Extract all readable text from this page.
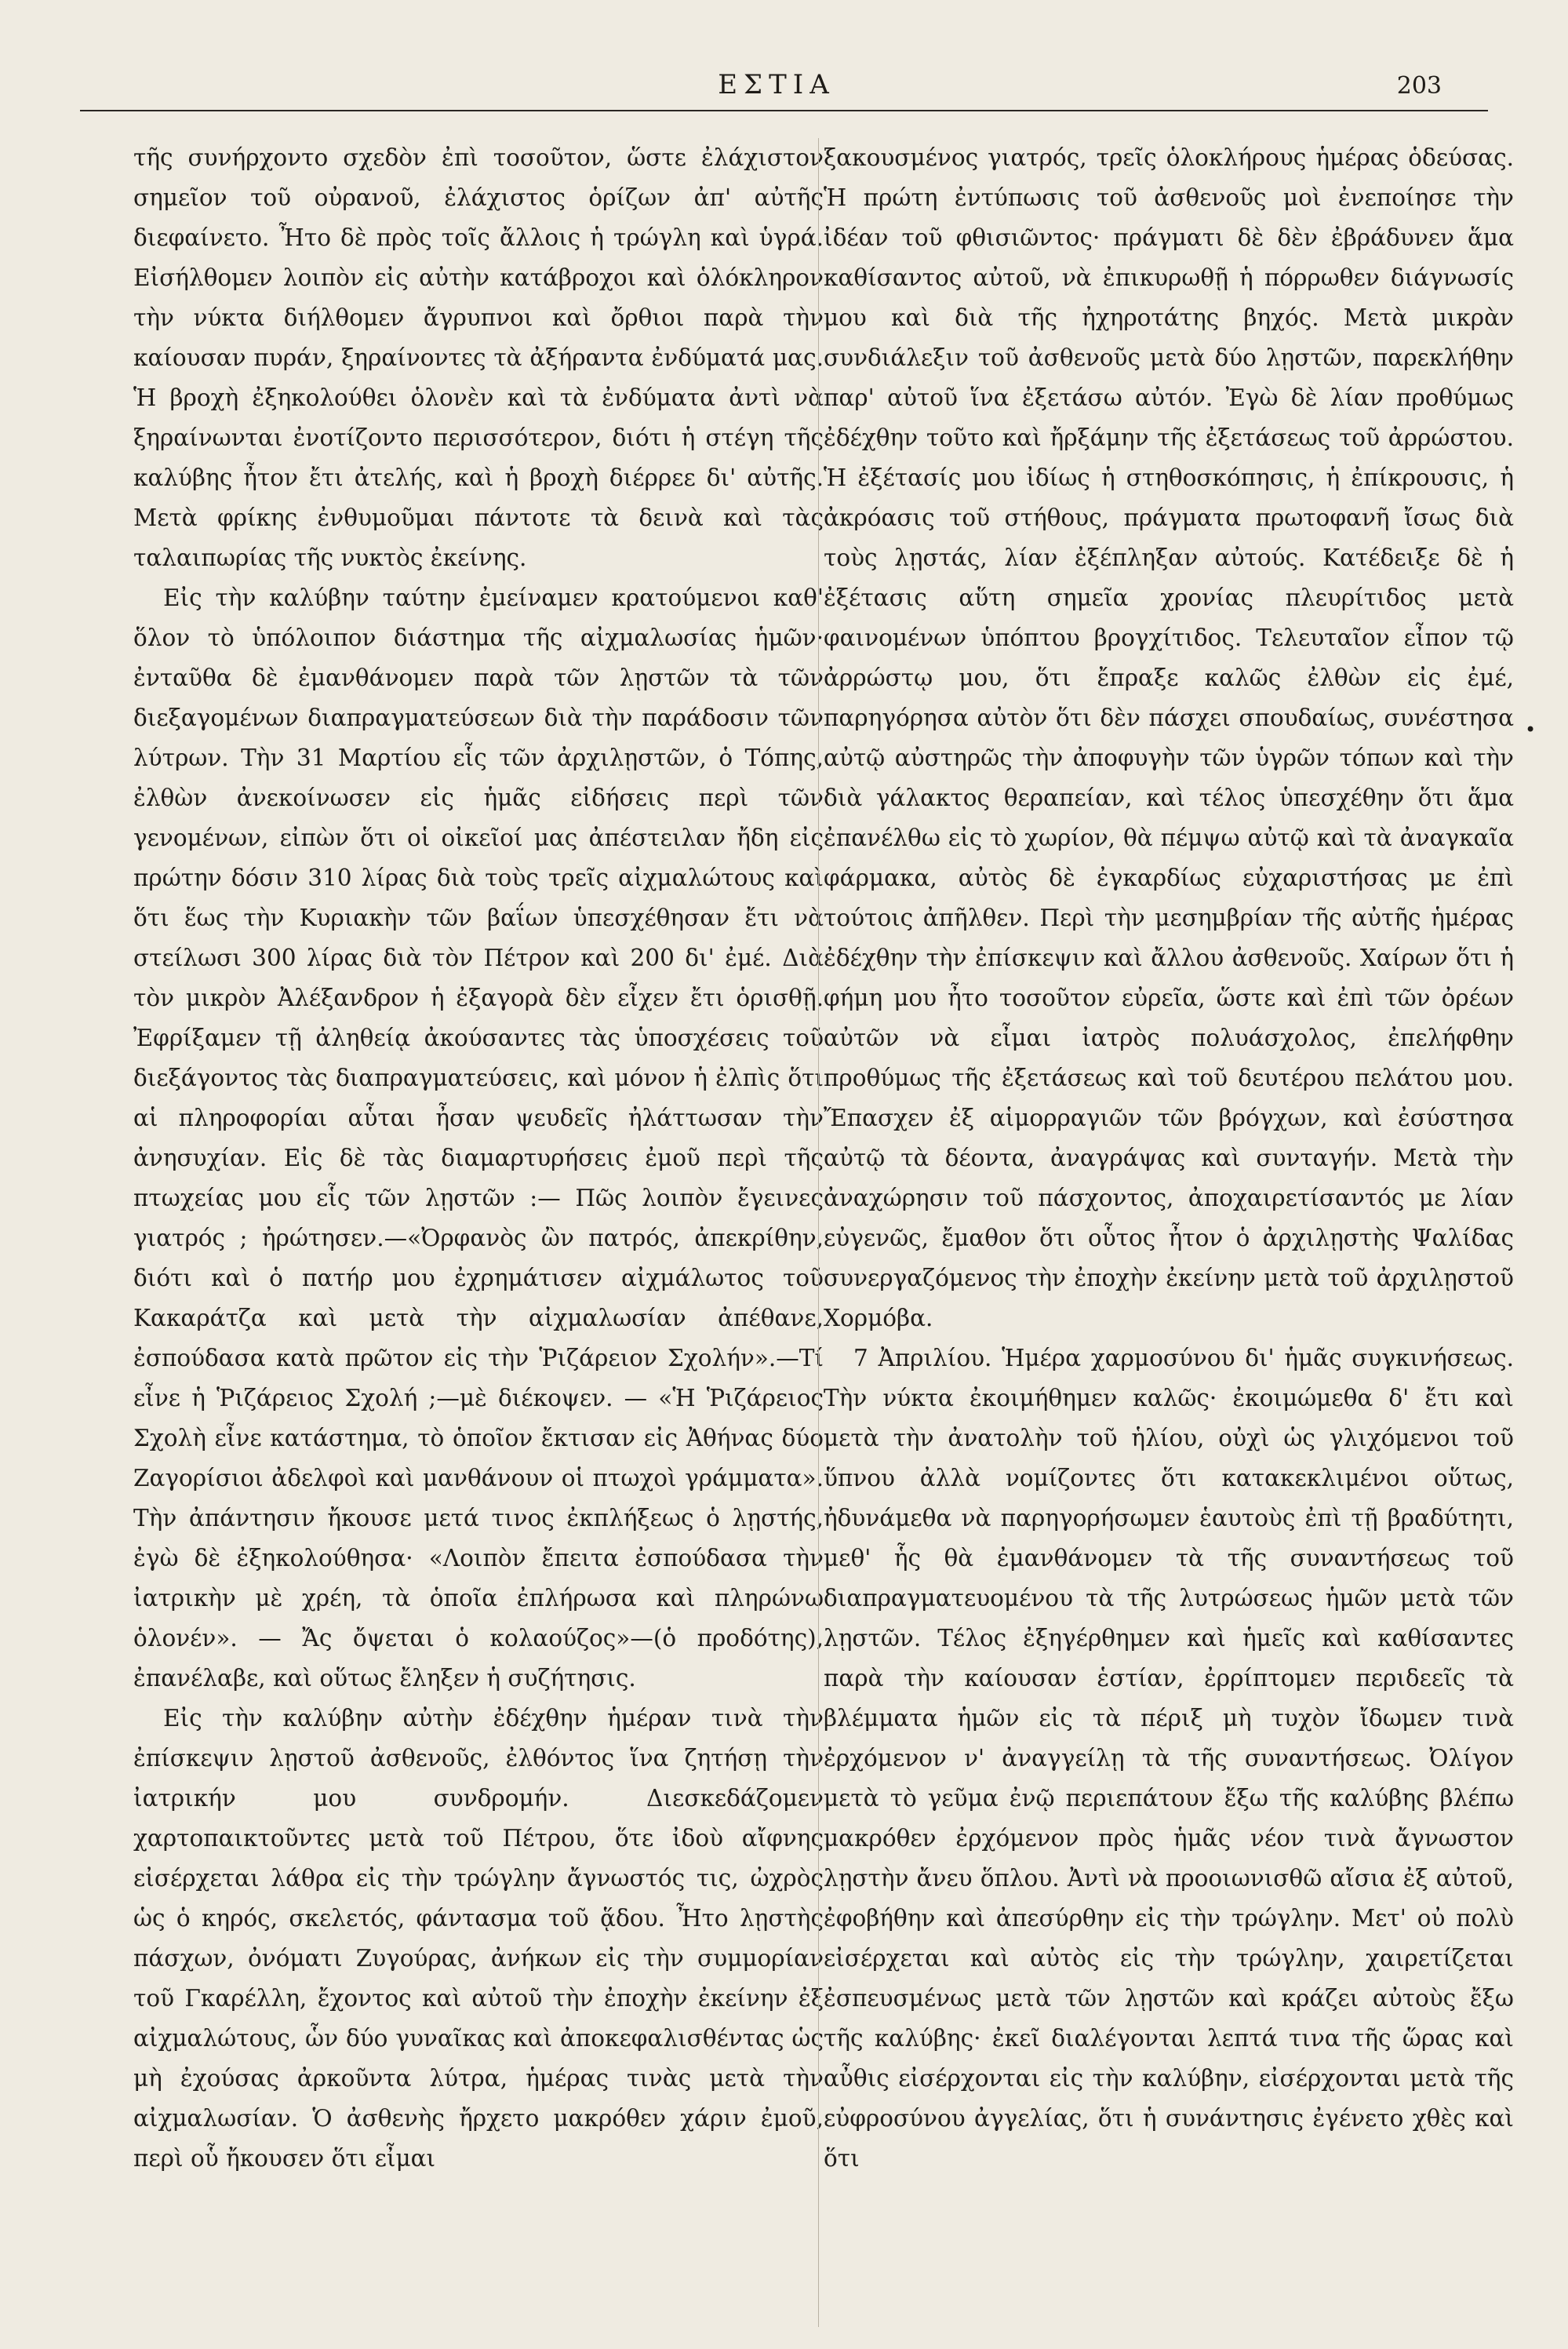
ΕΣΤΙΑ	203

τῆς συνήρχοντο σχεδὸν ἐπὶ τοσοῦτον, ὥστε ἐλάχιστον σημεῖον τοῦ οὐρανοῦ, ἐλάχιστος ὁρίζων ἀπ' αὐτῆς διεφαίνετο. Ἦτο δὲ πρὸς τοῖς ἄλλοις ἡ τρώγλη καὶ ὑγρά. Εἰσήλθομεν λοιπὸν εἰς αὐτὴν κατάβροχοι καὶ ὁλόκληρον τὴν νύκτα διήλθομεν ἄγρυπνοι καὶ ὄρθιοι παρὰ τὴν καίουσαν πυράν, ξηραίνοντες τὰ ἀξήραντα ἐνδύματά μας. Ἡ βροχὴ ἐξηκολούθει ὁλονὲν καὶ τὰ ἐνδύματα ἀντὶ νὰ ξηραίνωνται ἐνοτίζοντο περισσότερον, διότι ἡ στέγη τῆς καλύβης ἦτον ἔτι ἀτελής, καὶ ἡ βροχὴ διέρρεε δι' αὐτῆς. Μετὰ φρίκης ἐνθυμοῦμαι πάντοτε τὰ δεινὰ καὶ τὰς ταλαιπωρίας τῆς νυκτὸς ἐκείνης.

Εἰς τὴν καλύβην ταύτην ἐμείναμεν κρατούμενοι καθ' ὅλον τὸ ὑπόλοιπον διάστημα τῆς αἰχμαλωσίας ἡμῶν· ἐνταῦθα δὲ ἐμανθάνομεν παρὰ τῶν λῃστῶν τὰ τῶν διεξαγομένων διαπραγματεύσεων διὰ τὴν παράδοσιν τῶν λύτρων. Τὴν 31 Μαρτίου εἷς τῶν ἀρχιλῃστῶν, ὁ Τόπης, ἐλθὼν ἀνεκοίνωσεν εἰς ἡμᾶς εἰδήσεις περὶ τῶν γενομένων, εἰπὼν ὅτι οἱ οἰκεῖοί μας ἀπέστειλαν ἤδη εἰς πρώτην δόσιν 310 λίρας διὰ τοὺς τρεῖς αἰχμαλώτους καὶ ὅτι ἕως τὴν Κυριακὴν τῶν βαΐων ὑπεσχέθησαν ἔτι νὰ στείλωσι 300 λίρας διὰ τὸν Πέτρον καὶ 200 δι' ἐμέ. Διὰ τὸν μικρὸν Ἀλέξανδρον ἡ ἐξαγορὰ δὲν εἶχεν ἔτι ὁρισθῇ. Ἐφρίξαμεν τῇ ἀληθείᾳ ἀκούσαντες τὰς ὑποσχέσεις τοῦ διεξάγοντος τὰς διαπραγματεύσεις, καὶ μόνον ἡ ἐλπὶς ὅτι αἱ πληροφορίαι αὗται ἦσαν ψευδεῖς ἠλάττωσαν τὴν ἀνησυχίαν. Εἰς δὲ τὰς διαμαρτυρήσεις ἐμοῦ περὶ τῆς πτωχείας μου εἷς τῶν λῃστῶν :— Πῶς λοιπὸν ἔγεινες γιατρός ; ἠρώτησεν.—«Ὀρφανὸς ὢν πατρός, ἀπεκρίθην, διότι καὶ ὁ πατήρ μου ἐχρημάτισεν αἰχμάλωτος τοῦ Κακαράτζα καὶ μετὰ τὴν αἰχμαλωσίαν ἀπέθανε, ἐσπούδασα κατὰ πρῶτον εἰς τὴν Ῥιζάρειον Σχολήν».—Τί εἶνε ἡ Ῥιζάρειος Σχολή ;—μὲ διέκοψεν. — «Ἡ Ῥιζάρειος Σχολὴ εἶνε κατάστημα, τὸ ὁποῖον ἔκτισαν εἰς Ἀθήνας δύο Ζαγορίσιοι ἀδελφοὶ καὶ μανθάνουν οἱ πτωχοὶ γράμματα». Τὴν ἀπάντησιν ἤκουσε μετά τινος ἐκπλήξεως ὁ λῃστής, ἐγὼ δὲ ἐξηκολούθησα· «Λοιπὸν ἔπειτα ἐσπούδασα τὴν ἰατρικὴν μὲ χρέη, τὰ ὁποῖα ἐπλήρωσα καὶ πληρώνω ὁλονέν». — Ἄς ὄψεται ὁ κολαούζος»—(ὁ προδότης), ἐπανέλαβε, καὶ οὕτως ἔληξεν ἡ συζήτησις.

Εἰς τὴν καλύβην αὐτὴν ἐδέχθην ἡμέραν τινὰ τὴν ἐπίσκεψιν λῃστοῦ ἀσθενοῦς, ἐλθόντος ἵνα ζητήσῃ τὴν ἰατρικήν μου συνδρομήν. Διεσκεδάζομεν χαρτοπαικτοῦντες μετὰ τοῦ Πέτρου, ὅτε ἰδοὺ αἴφνης εἰσέρχεται λάθρα εἰς τὴν τρώγλην ἄγνωστός τις, ὠχρὸς ὡς ὁ κηρός, σκελετός, φάντασμα τοῦ ᾅδου. Ἦτο λῃστὴς πάσχων, ὀνόματι Ζυγούρας, ἀνήκων εἰς τὴν συμμορίαν τοῦ Γκαρέλλη, ἔχοντος καὶ αὐτοῦ τὴν ἐποχὴν ἐκείνην ἐξ αἰχμαλώτους, ὧν δύο γυναῖκας καὶ ἀποκεφαλισθέντας ὡς μὴ ἐχούσας ἀρκοῦντα λύτρα, ἡμέρας τινὰς μετὰ τὴν αἰχμαλωσίαν. Ὁ ἀσθενὴς ἤρχετο μακρόθεν χάριν ἐμοῦ, περὶ οὗ ἤκουσεν ὅτι εἶμαι

ξακουσμένος γιατρός, τρεῖς ὁλοκλήρους ἡμέρας ὁδεύσας. Ἡ πρώτη ἐντύπωσις τοῦ ἀσθενοῦς μοὶ ἐνεποίησε τὴν ἰδέαν τοῦ φθισιῶντος· πράγματι δὲ δὲν ἐβράδυνεν ἅμα καθίσαντος αὐτοῦ, νὰ ἐπικυρωθῇ ἡ πόρρωθεν διάγνωσίς μου καὶ διὰ τῆς ἠχηροτάτης βηχός. Μετὰ μικρὰν συνδιάλεξιν τοῦ ἀσθενοῦς μετὰ δύο λῃστῶν, παρεκλήθην παρ' αὐτοῦ ἵνα ἐξετάσω αὐτόν. Ἐγὼ δὲ λίαν προθύμως ἐδέχθην τοῦτο καὶ ἤρξάμην τῆς ἐξετάσεως τοῦ ἀρρώστου. Ἡ ἐξέτασίς μου ἰδίως ἡ στηθοσκόπησις, ἡ ἐπίκρουσις, ἡ ἀκρόασις τοῦ στήθους, πράγματα πρωτοφανῆ ἴσως διὰ τοὺς λῃστάς, λίαν ἐξέπληξαν αὐτούς. Κατέδειξε δὲ ἡ ἐξέτασις αὕτη σημεῖα χρονίας πλευρίτιδος μετὰ φαινομένων ὑπόπτου βρογχίτιδος. Τελευταῖον εἶπον τῷ ἀρρώστῳ μου, ὅτι ἔπραξε καλῶς ἐλθὼν εἰς ἐμέ, παρηγόρησα αὐτὸν ὅτι δὲν πάσχει σπουδαίως, συνέστησα αὐτῷ αὐστηρῶς τὴν ἀποφυγὴν τῶν ὑγρῶν τόπων καὶ τὴν διὰ γάλακτος θεραπείαν, καὶ τέλος ὑπεσχέθην ὅτι ἅμα ἐπανέλθω εἰς τὸ χωρίον, θὰ πέμψω αὐτῷ καὶ τὰ ἀναγκαῖα φάρμακα, αὐτὸς δὲ ἐγκαρδίως εὐχαριστήσας με ἐπὶ τούτοις ἀπῆλθεν. Περὶ τὴν μεσημβρίαν τῆς αὐτῆς ἡμέρας ἐδέχθην τὴν ἐπίσκεψιν καὶ ἄλλου ἀσθενοῦς. Χαίρων ὅτι ἡ φήμη μου ἦτο τοσοῦτον εὐρεῖα, ὥστε καὶ ἐπὶ τῶν ὀρέων αὐτῶν νὰ εἶμαι ἰατρὸς πολυάσχολος, ἐπελήφθην προθύμως τῆς ἐξετάσεως καὶ τοῦ δευτέρου πελάτου μου. Ἔπασχεν ἐξ αἱμορραγιῶν τῶν βρόγχων, καὶ ἐσύστησα αὐτῷ τὰ δέοντα, ἀναγράψας καὶ συνταγήν. Μετὰ τὴν ἀναχώρησιν τοῦ πάσχοντος, ἀποχαιρετίσαντός με λίαν εὐγενῶς, ἔμαθον ὅτι οὗτος ἦτον ὁ ἀρχιλῃστὴς Ψαλίδας συνεργαζόμενος τὴν ἐποχὴν ἐκείνην μετὰ τοῦ ἀρχιλῃστοῦ Χορμόβα.

7 Ἀπριλίου. Ἡμέρα χαρμοσύνου δι' ἡμᾶς συγκινήσεως. Τὴν νύκτα ἐκοιμήθημεν καλῶς· ἐκοιμώμεθα δ' ἔτι καὶ μετὰ τὴν ἀνατολὴν τοῦ ἡλίου, οὐχὶ ὡς γλιχόμενοι τοῦ ὕπνου ἀλλὰ νομίζοντες ὅτι κατακεκλιμένοι οὕτως, ἠδυνάμεθα νὰ παρηγορήσωμεν ἑαυτοὺς ἐπὶ τῇ βραδύτητι, μεθ' ἧς θὰ ἐμανθάνομεν τὰ τῆς συναντήσεως τοῦ διαπραγματευομένου τὰ τῆς λυτρώσεως ἡμῶν μετὰ τῶν λῃστῶν. Τέλος ἐξηγέρθημεν καὶ ἡμεῖς καὶ καθίσαντες παρὰ τὴν καίουσαν ἑστίαν, ἐρρίπτομεν περιδεεῖς τὰ βλέμματα ἡμῶν εἰς τὰ πέριξ μὴ τυχὸν ἴδωμεν τινὰ ἐρχόμενον ν' ἀναγγείλῃ τὰ τῆς συναντήσεως. Ὀλίγον μετὰ τὸ γεῦμα ἐνῷ περιεπάτουν ἔξω τῆς καλύβης βλέπω μακρόθεν ἐρχόμενον πρὸς ἡμᾶς νέον τινὰ ἄγνωστον λῃστὴν ἄνευ ὅπλου. Ἀντὶ νὰ προοιωνισθῶ αἴσια ἐξ αὐτοῦ, ἐφοβήθην καὶ ἀπεσύρθην εἰς τὴν τρώγλην. Μετ' οὐ πολὺ εἰσέρχεται καὶ αὐτὸς εἰς τὴν τρώγλην, χαιρετίζεται ἐσπευσμένως μετὰ τῶν λῃστῶν καὶ κράζει αὐτοὺς ἔξω τῆς καλύβης· ἐκεῖ διαλέγονται λεπτά τινα τῆς ὥρας καὶ αὖθις εἰσέρχονται εἰς τὴν καλύβην, εἰσέρχονται μετὰ τῆς εὐφροσύνου ἀγγελίας, ὅτι ἡ συνάντησις ἐγένετο χθὲς καὶ ὅτι

•
